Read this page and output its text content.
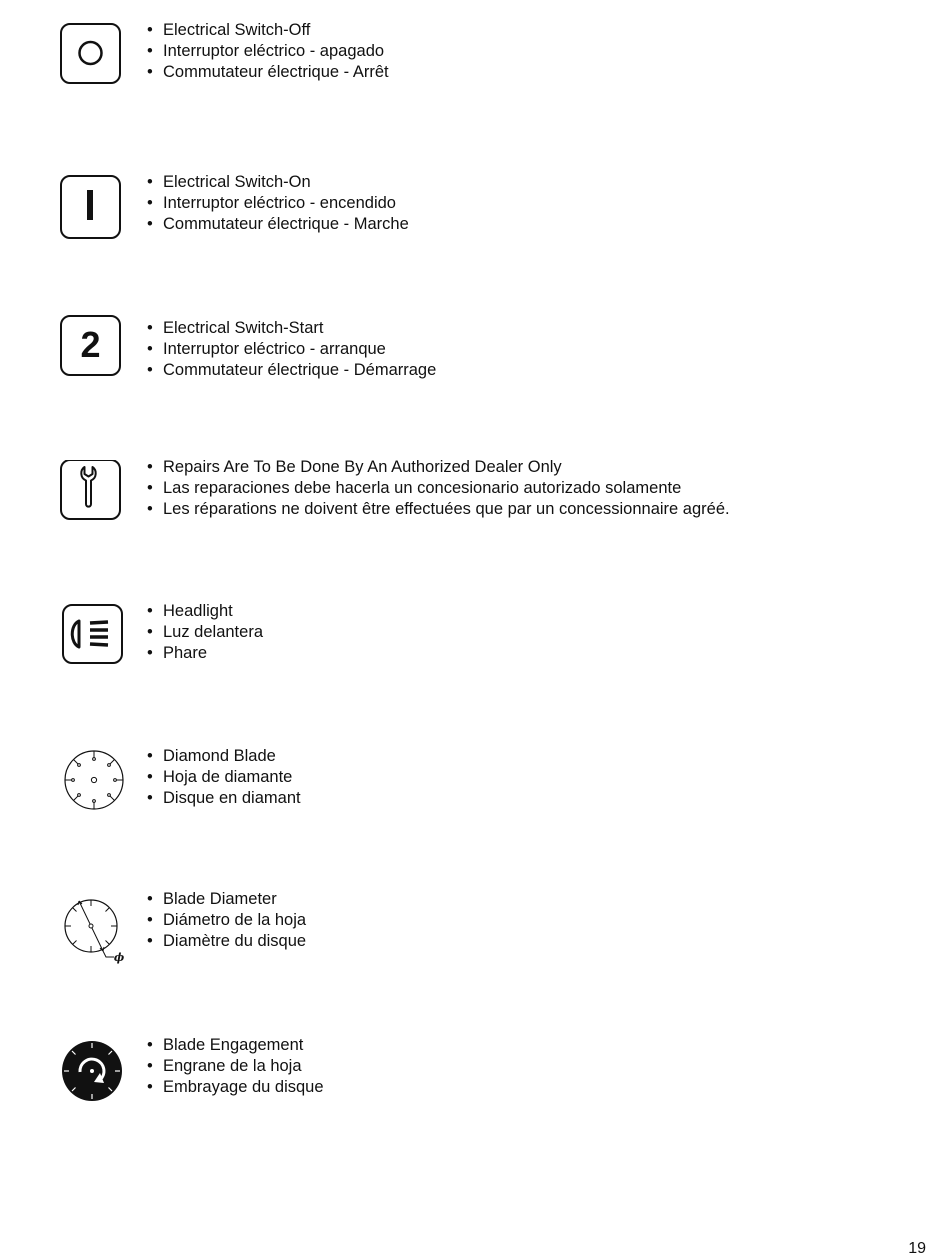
• Electrical Switch-Off
• Interruptor eléctrico - apagado
• Commutateur électrique - Arrêt
• Electrical Switch-On
• Interruptor eléctrico - encendido
• Commutateur électrique - Marche
2
•	Electrical Switch-Start
• Interruptor eléctrico - arranque
• Commutateur électrique - Démarrage
• Repairs Are To Be Done By An Authorized Dealer Only
• Las reparaciones debe hacerla un concesionario autorizado solamente
• Les réparations ne doivent être effectuées que par un concessionnaire agréé.
• Headlight
• Luz delantera
• Phare
• Diamond Blade
• Hoja de diamante
• Disque en diamant
ϕ
• Blade Diameter
• Diámetro de la hoja
• Diamètre du disque
• Blade Engagement
• Engrane de la hoja
• Embrayage du disque
19
